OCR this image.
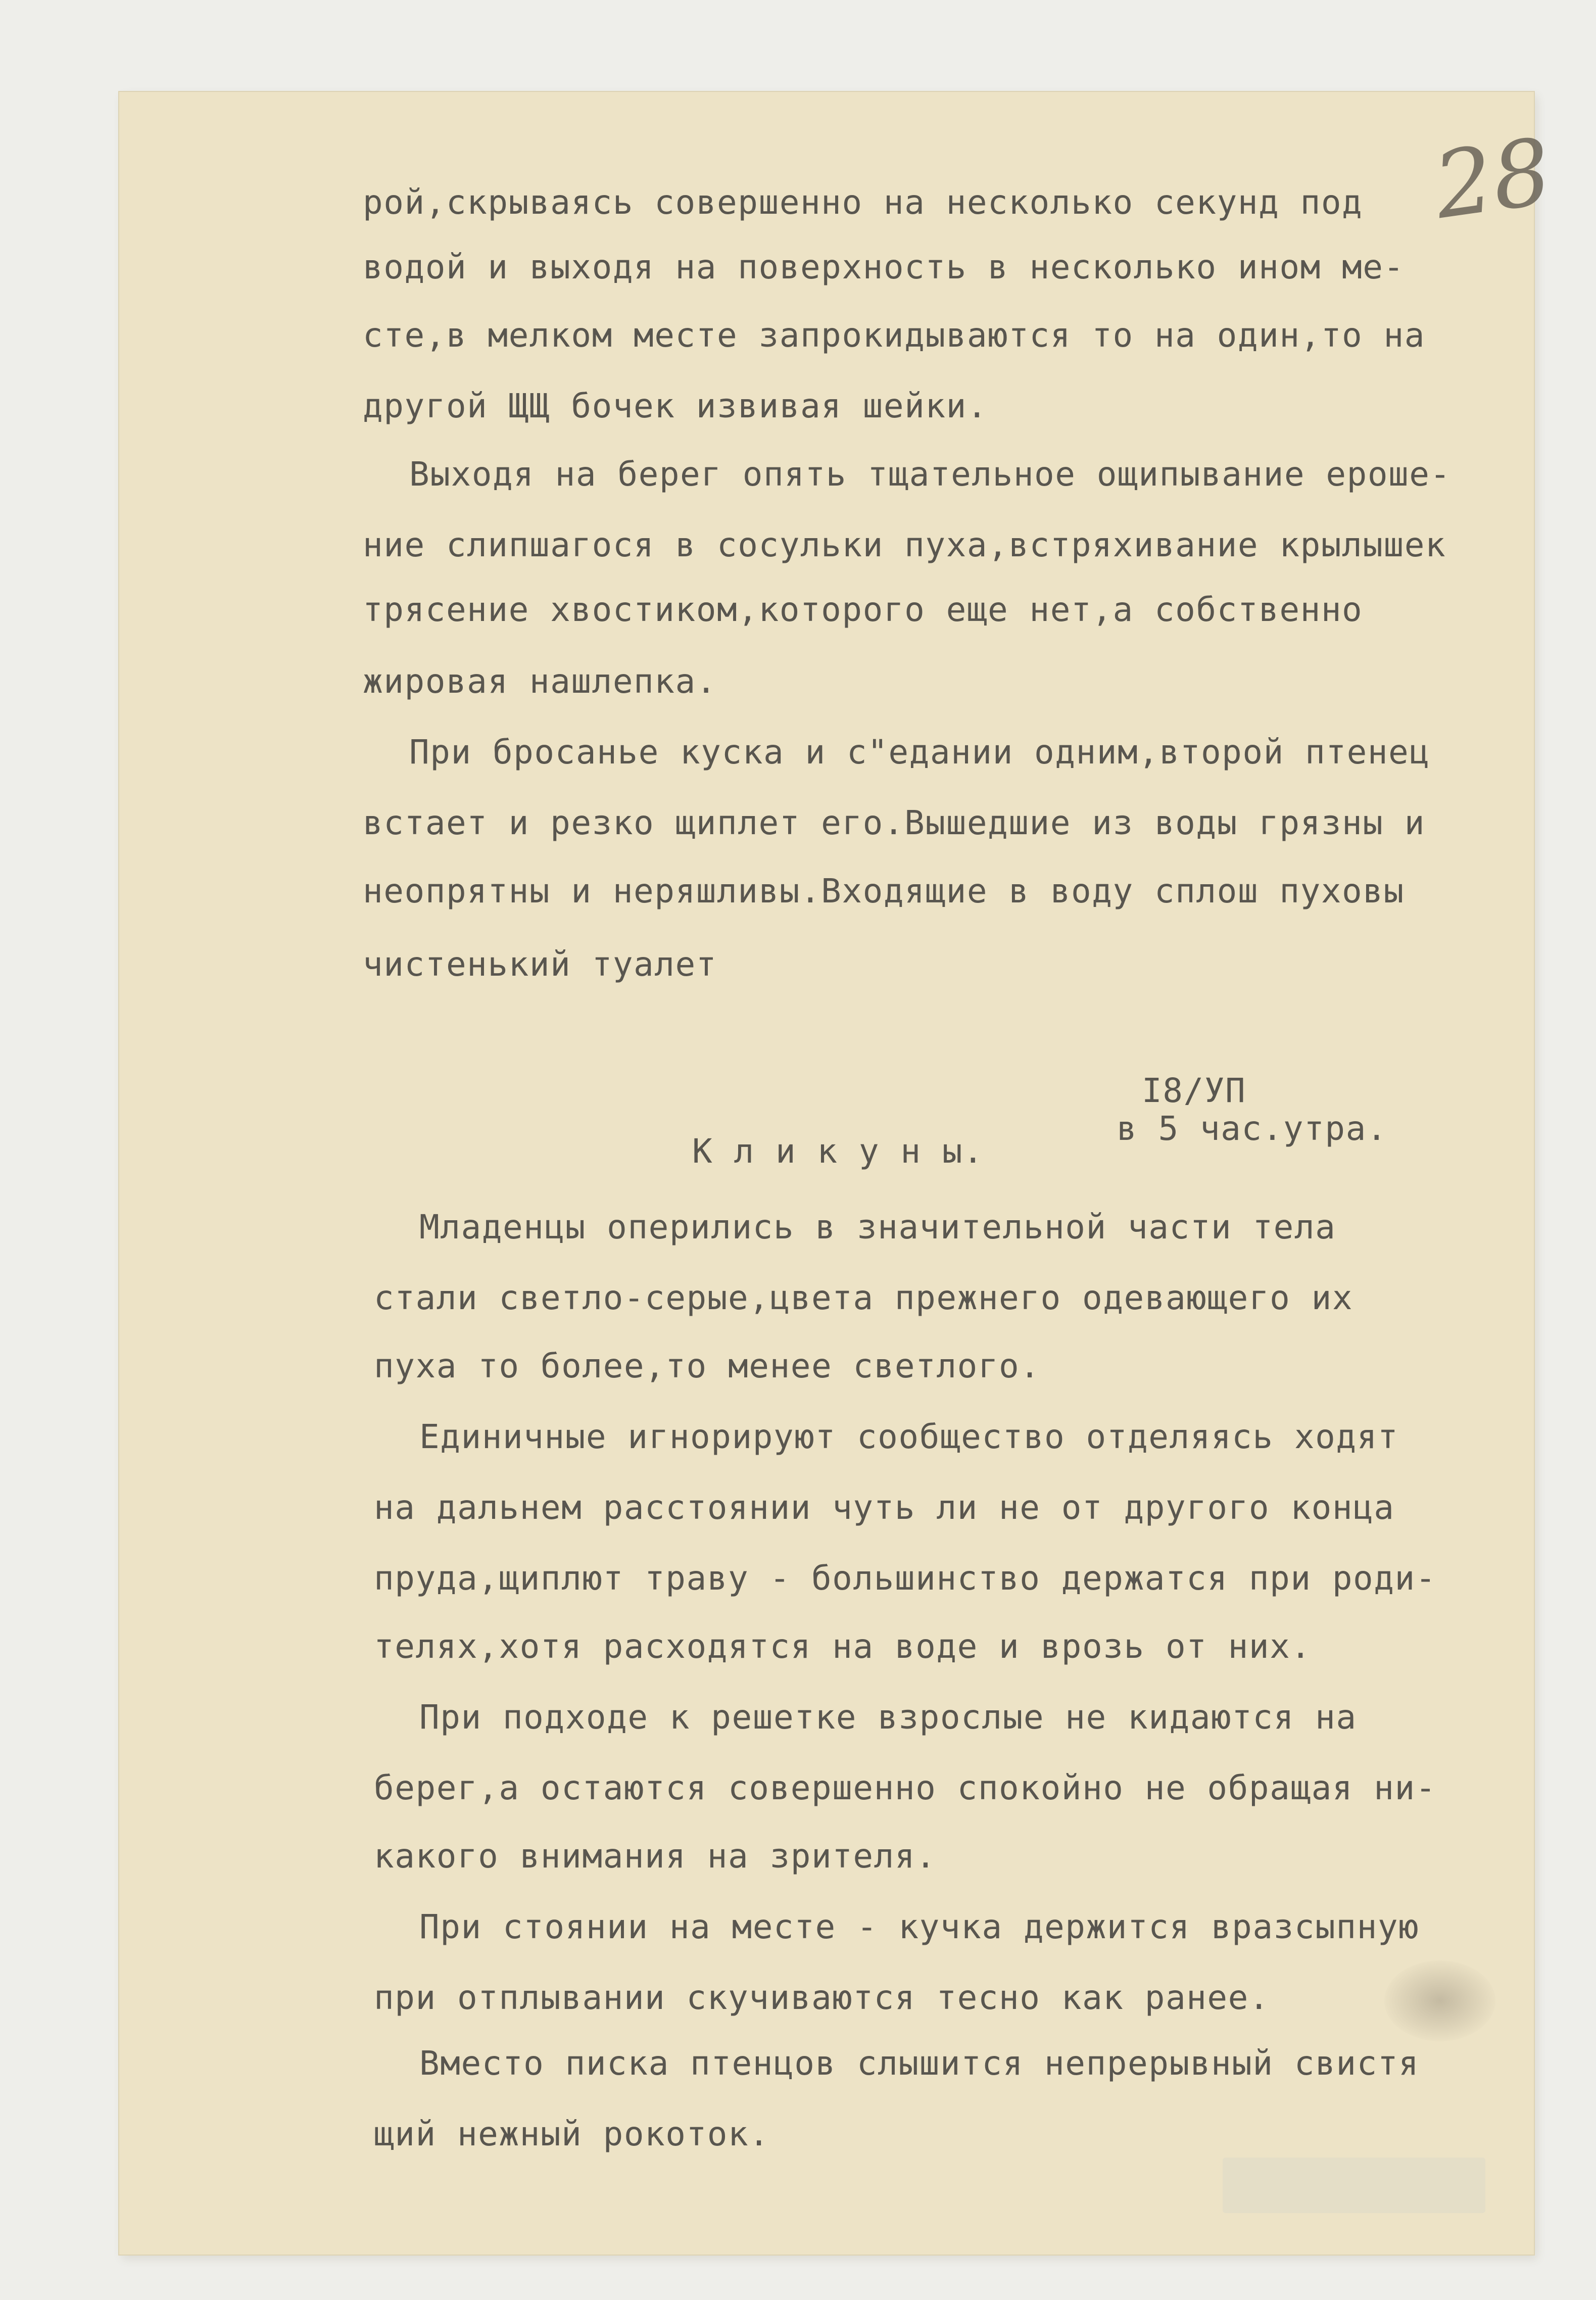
28
рой,скрываясь совершенно на несколько секунд под
водой и выходя на поверхность в несколько ином ме-
сте,в мелком месте запрокидываются то на один,то на
другой ЩЩ бочек извивая шейки.
Выходя на берег опять тщательное ощипывание ероше-
ние слипшагося в сосульки пуха,встряхивание крылышек
трясение хвостиком,которого еще нет,а собственно
жировая нашлепка.
При бросанье куска и с"едании одним,второй птенец
встает и резко щиплет его.Вышедшие из воды грязны и
неопрятны и неряшливы.Входящие в воду сплош пуховы
чистенький туалет
I8/УП
в 5 час.утра.
К л и к у н ы.
Младенцы оперились в значительной части тела
стали светло-серые,цвета прежнего одевающего их
пуха то более,то менее светлого.
Единичные игнорируют сообщество отделяясь ходят
на дальнем расстоянии чуть ли не от другого конца
пруда,щиплют траву - большинство держатся при роди-
телях,хотя расходятся на воде и врозь от них.
При подходе к решетке взрослые не кидаются на
берег,а остаются совершенно спокойно не обращая ни-
какого внимания на зрителя.
При стоянии на месте - кучка держится вразсыпную
при отплывании скучиваются тесно как ранее.
Вместо писка птенцов слышится непрерывный свистя
щий нежный рокоток.
